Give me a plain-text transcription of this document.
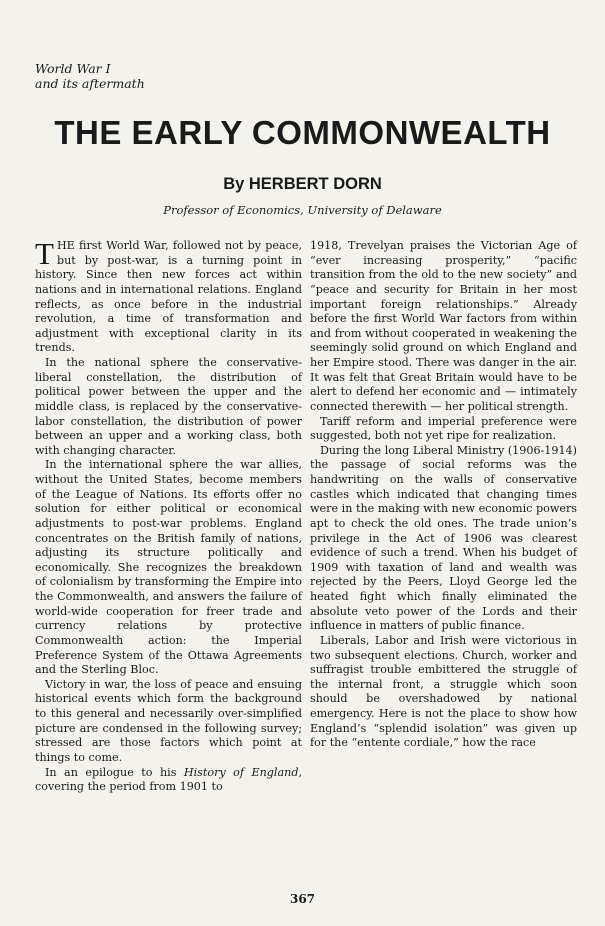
World War I
and its aftermath
THE EARLY COMMONWEALTH
By HERBERT DORN
Professor of Economics, University of Delaware

THE first World War, followed not by peace, but by post-war, is a turning point in history. Since then new forces act within nations and in international relations. England reflects, as once before in the industrial revolution, a time of transformation and adjustment with exceptional clarity in its trends.

In the national sphere the conservative-liberal constellation, the distribution of political power between the upper and the middle class, is replaced by the conservative-labor constellation, the distribution of power between an upper and a working class, both with changing character.

In the international sphere the war allies, without the United States, become members of the League of Nations. Its efforts offer no solution for either political or economical adjustments to post-war problems. England concentrates on the British family of nations, adjusting its structure politically and economically. She recognizes the breakdown of colonialism by transforming the Empire into the Commonwealth, and answers the failure of world-wide cooperation for freer trade and currency relations by protective Commonwealth action: the Imperial Preference System of the Ottawa Agreements and the Sterling Bloc.

Victory in war, the loss of peace and ensuing historical events which form the background to this general and necessarily over-simplified picture are condensed in the following survey; stressed are those factors which point at things to come.

In an epilogue to his History of England, covering the period from 1901 to

1918, Trevelyan praises the Victorian Age of “ever increasing prosperity,” “pacific transition from the old to the new society” and “peace and security for Britain in her most important foreign relationships.” Already before the first World War factors from within and from without cooperated in weakening the seemingly solid ground on which England and her Empire stood. There was danger in the air. It was felt that Great Britain would have to be alert to defend her economic and — intimately connected therewith — her political strength.

Tariff reform and imperial preference were suggested, both not yet ripe for realization.

During the long Liberal Ministry (1906-1914) the passage of social reforms was the handwriting on the walls of conservative castles which indicated that changing times were in the making with new economic powers apt to check the old ones. The trade union’s privilege in the Act of 1906 was clearest evidence of such a trend. When his budget of 1909 with taxation of land and wealth was rejected by the Peers, Lloyd George led the heated fight which finally eliminated the absolute veto power of the Lords and their influence in matters of public finance.

Liberals, Labor and Irish were victorious in two subsequent elections. Church, worker and suffragist trouble embittered the struggle of the internal front, a struggle which soon should be overshadowed by national emergency. Here is not the place to show how England’s “splendid isolation” was given up for the “entente cordiale,” how the race

367
